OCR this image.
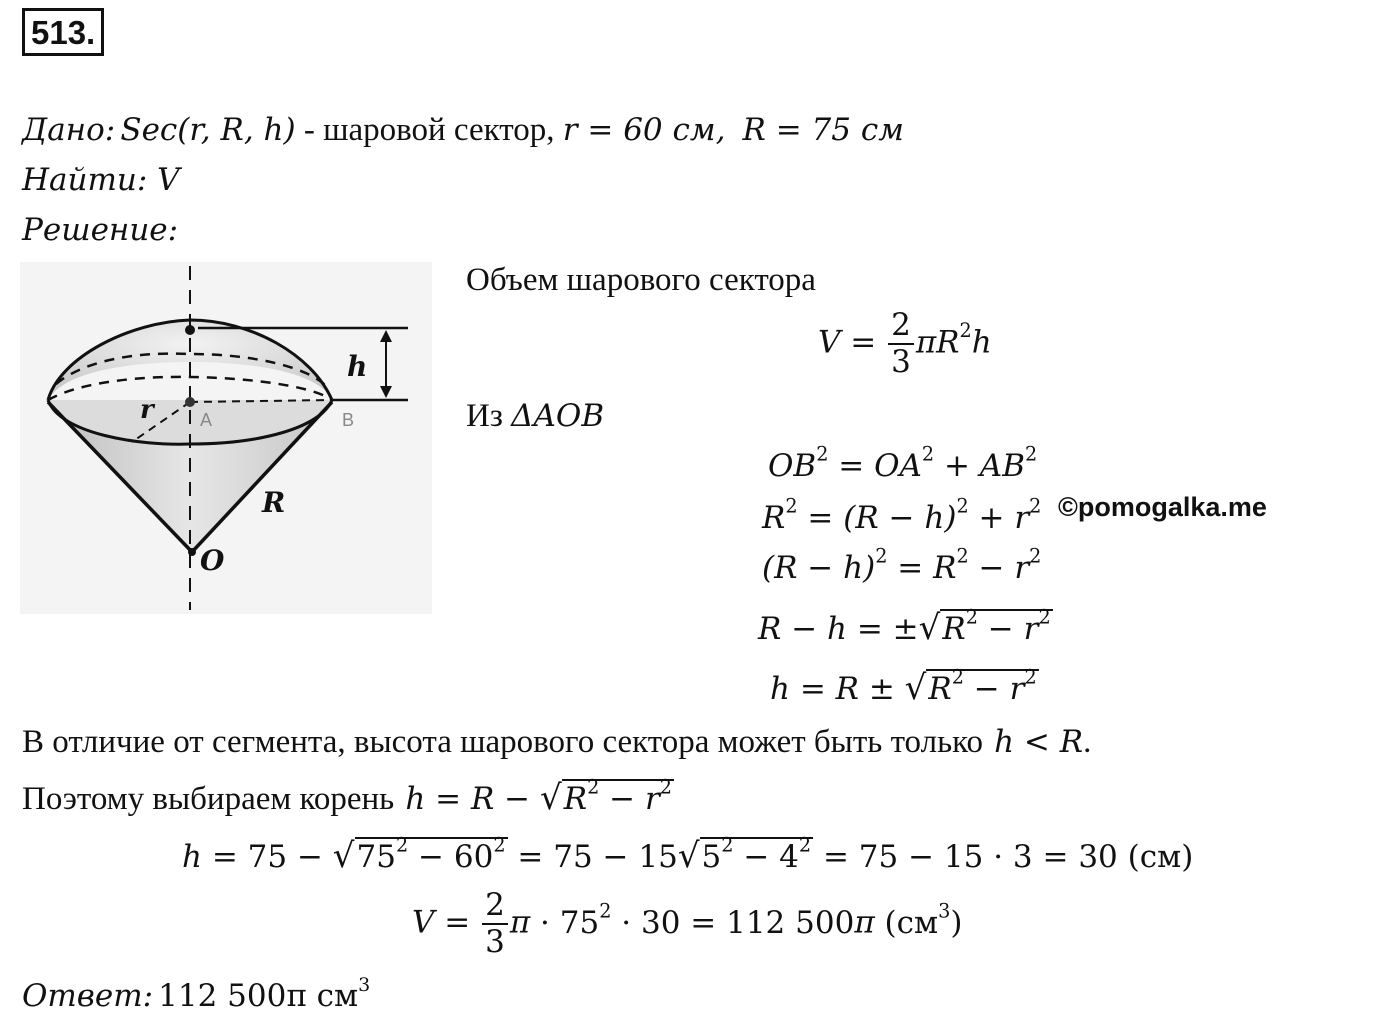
513.
Дано: Sec(r, R, h) - шаровой сектор, r = 60 см, R = 75 см
Найти: V
Решение:
h
r	A	B
R
O
Объем шарового сектора
$V = \frac{2}{3} \pi R^2h$
Из ΔAOB
$OB^2 = OA^2 + AB^2$
$R^2 = (R - h)^2 + r^2$ ©pomogalka.me
$(R - h)^2 = R^2 - r^2$
$R - h = \pm√R^2 - r^2$
$h = R \pm √R^2 - r^2$
В отличие от сегмента, высота шарового сектора может быть только h < R.
Поэтому выбираем корень $h = R - √R^2 - r^2$
$h = 75 - √75^2 - 60^2 = 75 - 15√5^2 - 4^2 = 75 - 15 \cdot 3 = 30$ (см)
$V = \frac{2}{3}$ $\pi \cdot 75^2 \cdot 30 = 112$ 500π $(см^3)$
Ответ: 112 500π $см^3$
